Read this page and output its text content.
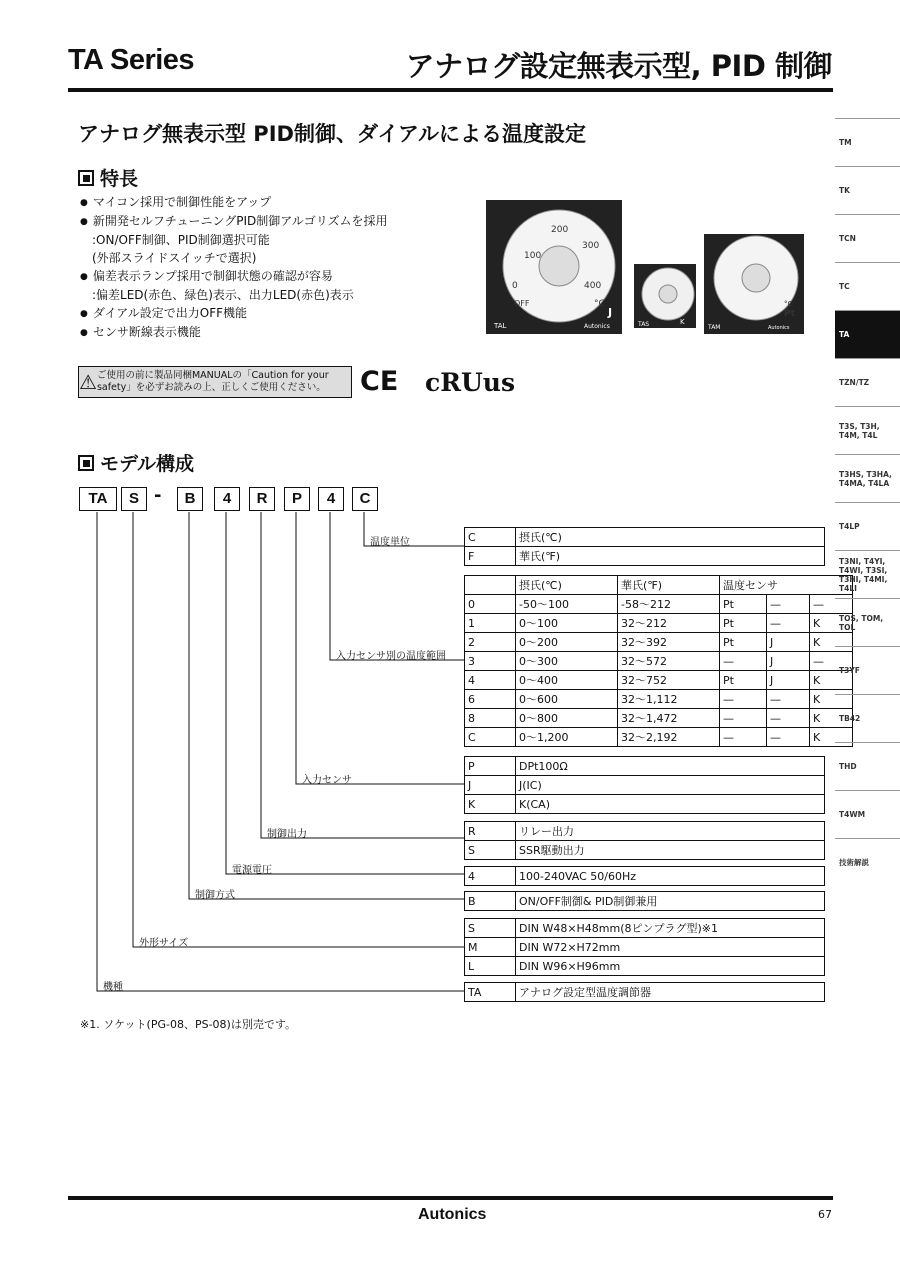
TA Series	アナログ設定無表示型, PID 制御
アナログ無表示型 PID制御、ダイアルによる温度設定
特長
● マイコン採用で制御性能をアップ
● 新開発セルフチューニングPID制御アルゴリズムを採用
:ON/OFF制御、PID制御選択可能
(外部スライドスイッチで選択)
● 偏差表示ランプ採用で制御状態の確認が容易
:偏差LED(赤色、緑色)表示、出力LED(赤色)表示
● ダイアル設定で出力OFF機能
● センサ断線表示機能
100
200
300
400
0
OFF	°C
J
TAL	Autonics
K
TAS
Pt
°C
TAM	Autonics
⚠ ご使用の前に製品同梱MANUALの「Caution for your safety」を必ずお読みの上、正しくご使用ください。	CE cRUus
モデル構成
TA	S -	B	4	R	P	4	C
温度単位
入力センサ別の温度範囲
入力センサ
制御出力
電源電圧
制御方式
外形サイズ
機種
C	摂氏(℃)
F	華氏(℉)
	摂氏(℃)	華氏(℉)	温度センサ		
0	-50～100	-58～212	Pt	—	—
1	0～100	32～212	Pt	—	K
2	0～200	32～392	Pt	J	K
3	0～300	32～572	—	J	—
4	0～400	32～752	Pt	J	K
6	0～600	32～1,112	—	—	K
8	0～800	32～1,472	—	—	K
C	0～1,200	32～2,192	—	—	K
P	DPt100Ω
J	J(IC)
K	K(CA)
R	リレー出力
S	SSR駆動出力
4	100-240VAC 50/60Hz
B	ON/OFF制御& PID制御兼用
S	DIN W48×H48mm(8ピンプラグ型)※1
M	DIN W72×H72mm
L	DIN W96×H96mm
TA	アナログ設定型温度調節器
※1. ソケット(PG-08、PS-08)は別売です。
TM
TK
TCN
TC
TA
TZN/TZ
T3S, T3H, T4M, T4L
T3HS, T3HA, T4MA, T4LA
T4LP
T3NI, T4YI, T4WI, T3SI, T3HI, T4MI, T4LI
TOS, TOM, TOL
T3YF
TB42
THD
T4WM
技術解説
Autonics	67
